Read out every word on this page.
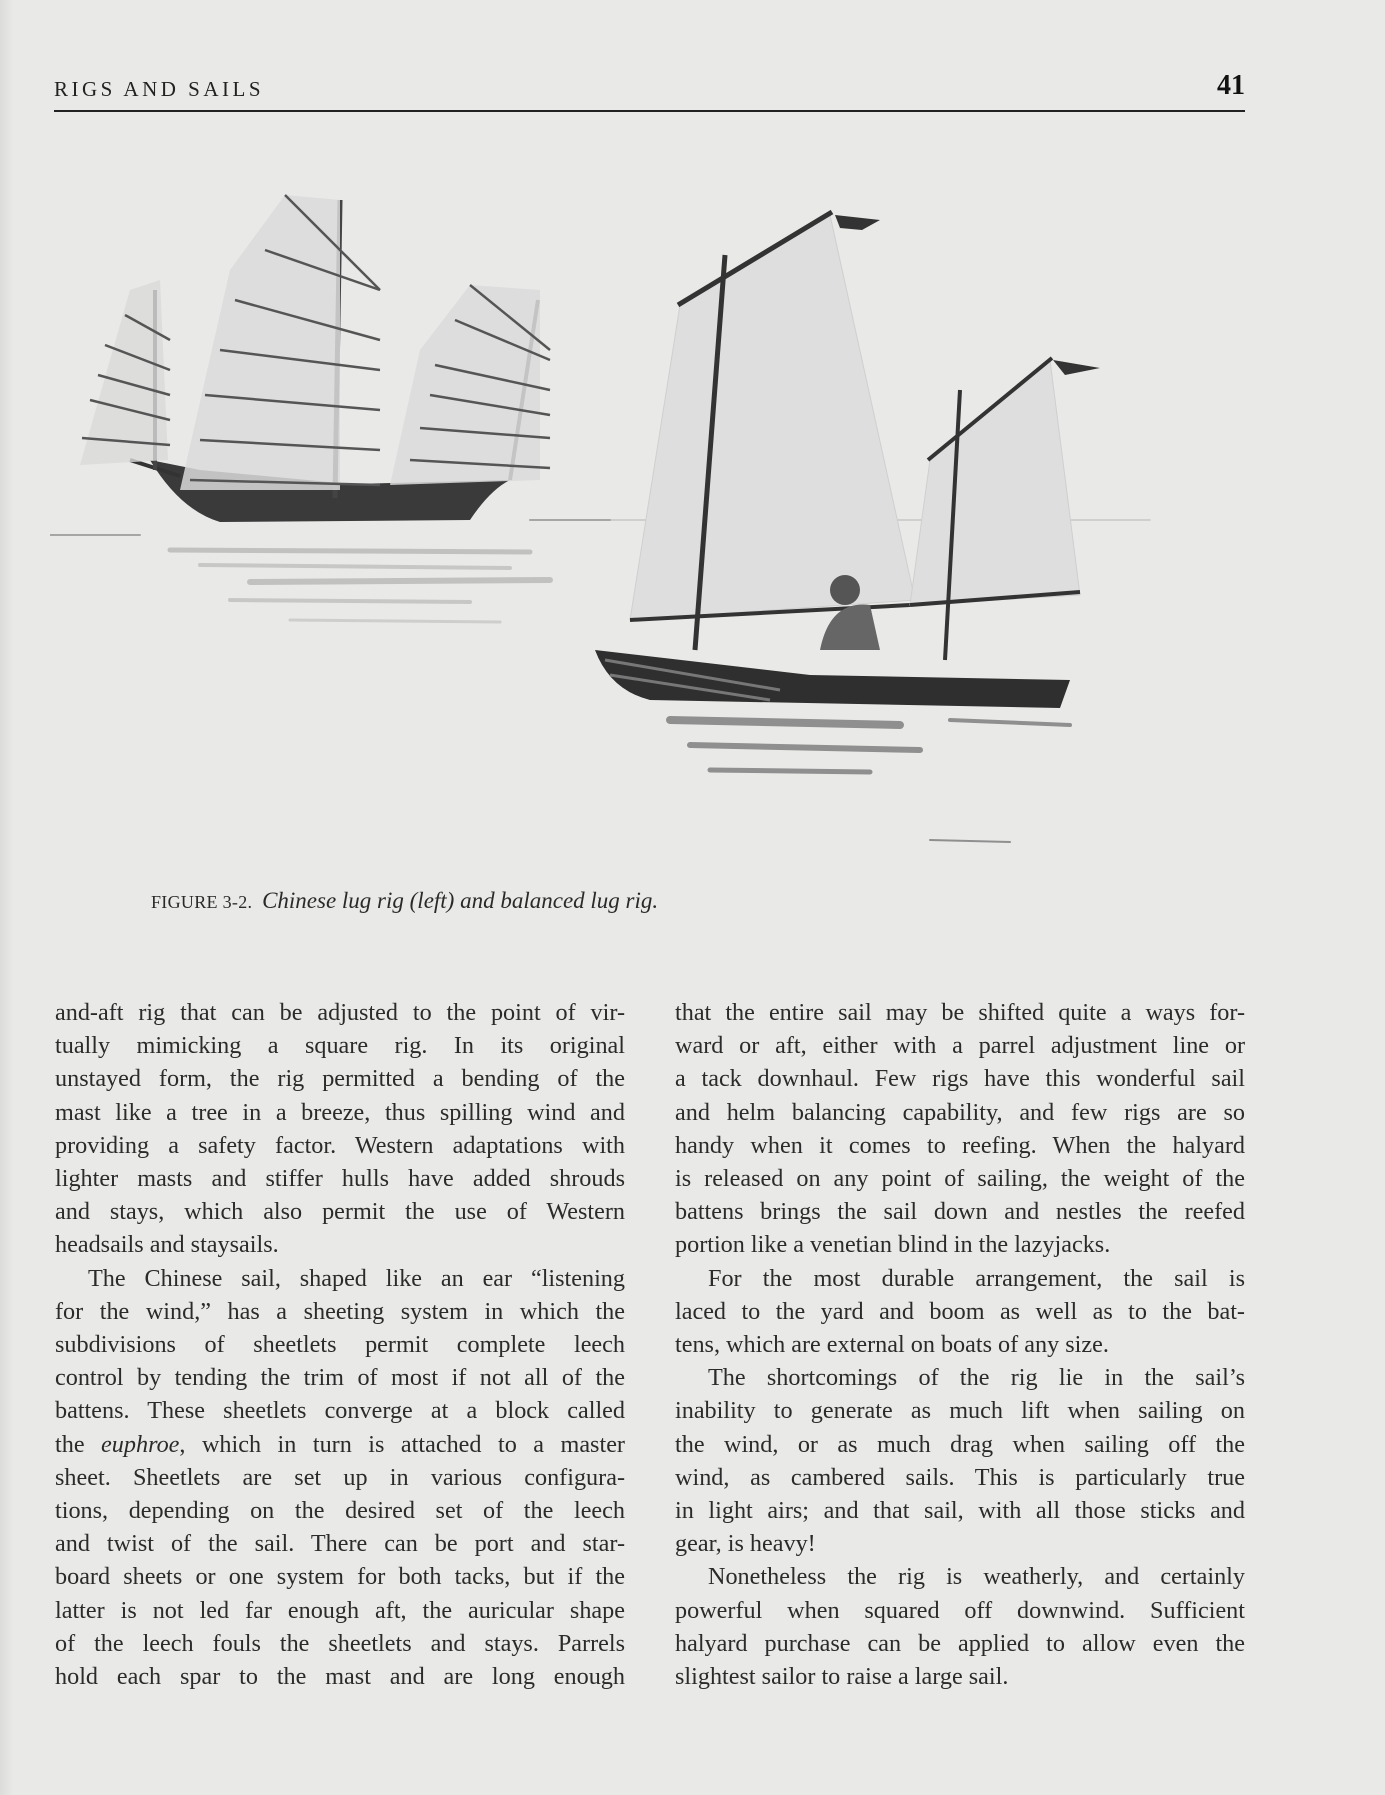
RIGS AND SAILS	41
FIGURE 3-2. Chinese lug rig (left) and balanced lug rig.

and-aft rig that can be adjusted to the point of vir-
tually mimicking a square rig. In its original
unstayed form, the rig permitted a bending of the
mast like a tree in a breeze, thus spilling wind and
providing a safety factor. Western adaptations with
lighter masts and stiffer hulls have added shrouds
and stays, which also permit the use of Western
headsails and staysails.

The Chinese sail, shaped like an ear “listening
for the wind,” has a sheeting system in which the
subdivisions of sheetlets permit complete leech
control by tending the trim of most if not all of the
battens. These sheetlets converge at a block called
the euphroe, which in turn is attached to a master
sheet. Sheetlets are set up in various configura-
tions, depending on the desired set of the leech
and twist of the sail. There can be port and star-
board sheets or one system for both tacks, but if the
latter is not led far enough aft, the auricular shape
of the leech fouls the sheetlets and stays. Parrels
hold each spar to the mast and are long enough

that the entire sail may be shifted quite a ways for-
ward or aft, either with a parrel adjustment line or
a tack downhaul. Few rigs have this wonderful sail
and helm balancing capability, and few rigs are so
handy when it comes to reefing. When the halyard
is released on any point of sailing, the weight of the
battens brings the sail down and nestles the reefed
portion like a venetian blind in the lazyjacks.

For the most durable arrangement, the sail is
laced to the yard and boom as well as to the bat-
tens, which are external on boats of any size.

The shortcomings of the rig lie in the sail’s
inability to generate as much lift when sailing on
the wind, or as much drag when sailing off the
wind, as cambered sails. This is particularly true
in light airs; and that sail, with all those sticks and
gear, is heavy!

Nonetheless the rig is weatherly, and certainly
powerful when squared off downwind. Sufficient
halyard purchase can be applied to allow even the
slightest sailor to raise a large sail.
